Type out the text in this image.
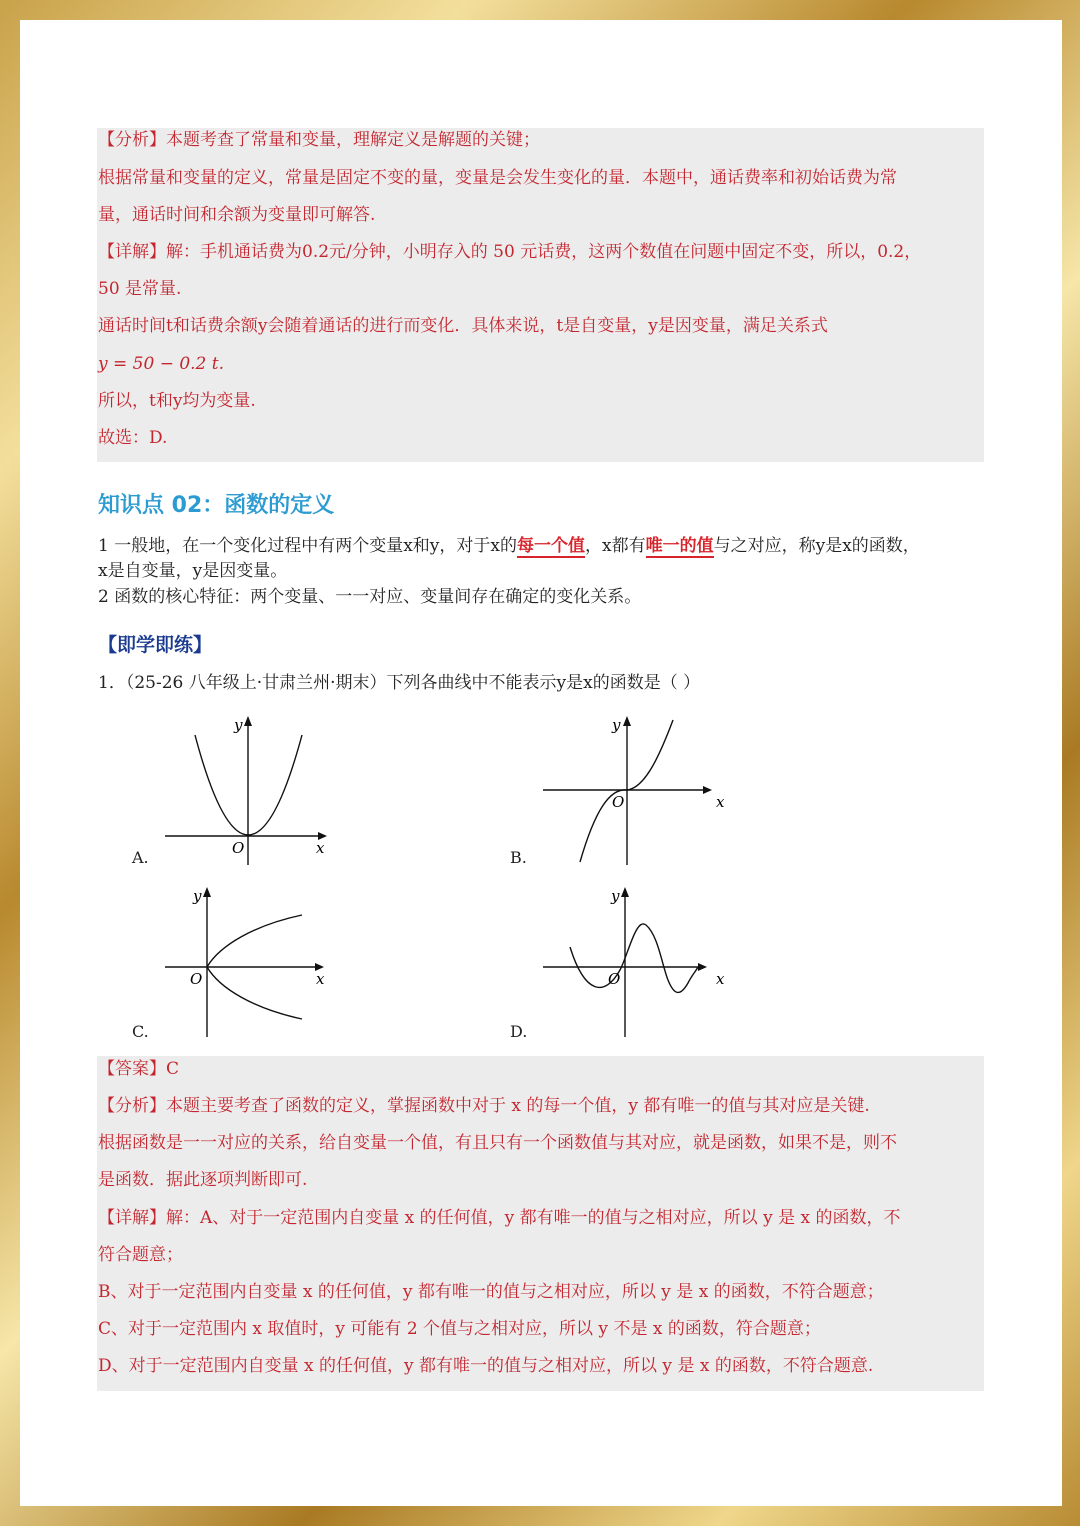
【分析】本题考查了常量和变量，理解定义是解题的关键；
根据常量和变量的定义，常量是固定不变的量，变量是会发生变化的量．本题中，通话费率和初始话费为常
量，通话时间和余额为变量即可解答.
【详解】解：手机通话费为0.2元/分钟，小明存入的 50 元话费，这两个数值在问题中固定不变，所以，0.2，
50 是常量.
通话时间t和话费余额y会随着通话的进行而变化．具体来说，t是自变量，y是因变量，满足关系式
y = 50 − 0.2 t.
所以，t和y均为变量.
故选：D.
知识点 02：函数的定义
1 一般地，在一个变化过程中有两个变量x和y，对于x的每一个值，x都有唯一的值与之对应，称y是x的函数，
x是自变量，y是因变量。
2 函数的核心特征：两个变量、一一对应、变量间存在确定的变化关系。
【即学即练】
1．（25-26 八年级上·甘肃兰州·期末）下列各曲线中不能表示y是x的函数是（ ）
x
y
O
A.
x
y
O
B.
x
y
O
C.
x
y
O
D.
【答案】C
【分析】本题主要考查了函数的定义，掌握函数中对于 x 的每一个值，y 都有唯一的值与其对应是关键.
根据函数是一一对应的关系，给自变量一个值，有且只有一个函数值与其对应，就是函数，如果不是，则不
是函数．据此逐项判断即可.
【详解】解：A、对于一定范围内自变量 x 的任何值，y 都有唯一的值与之相对应，所以 y 是 x 的函数，不
符合题意；
B、对于一定范围内自变量 x 的任何值，y 都有唯一的值与之相对应，所以 y 是 x 的函数，不符合题意；
C、对于一定范围内 x 取值时，y 可能有 2 个值与之相对应，所以 y 不是 x 的函数，符合题意；
D、对于一定范围内自变量 x 的任何值，y 都有唯一的值与之相对应，所以 y 是 x 的函数，不符合题意.
